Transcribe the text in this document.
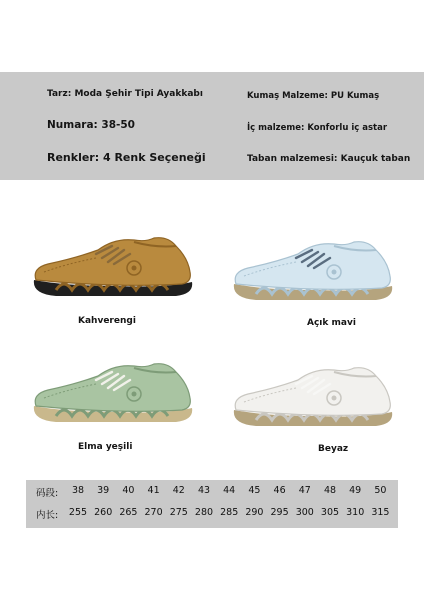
Tarz: Moda Şehir Tipi Ayakkabı
Numara: 38-50
Renkler: 4 Renk Seçeneği
Kumaş Malzeme: PU Kumaş
İç malzeme: Konforlu iç astar
Taban malzemesi: Kauçuk taban
Kahverengi	Açık mavi
Elma yeşili	Beyaz
码段:	38	39	40	41	42	43	44	45	46	47	48	49	50
内长:	255 260 265 270 275 280 285 290 295 300 305 310 315
